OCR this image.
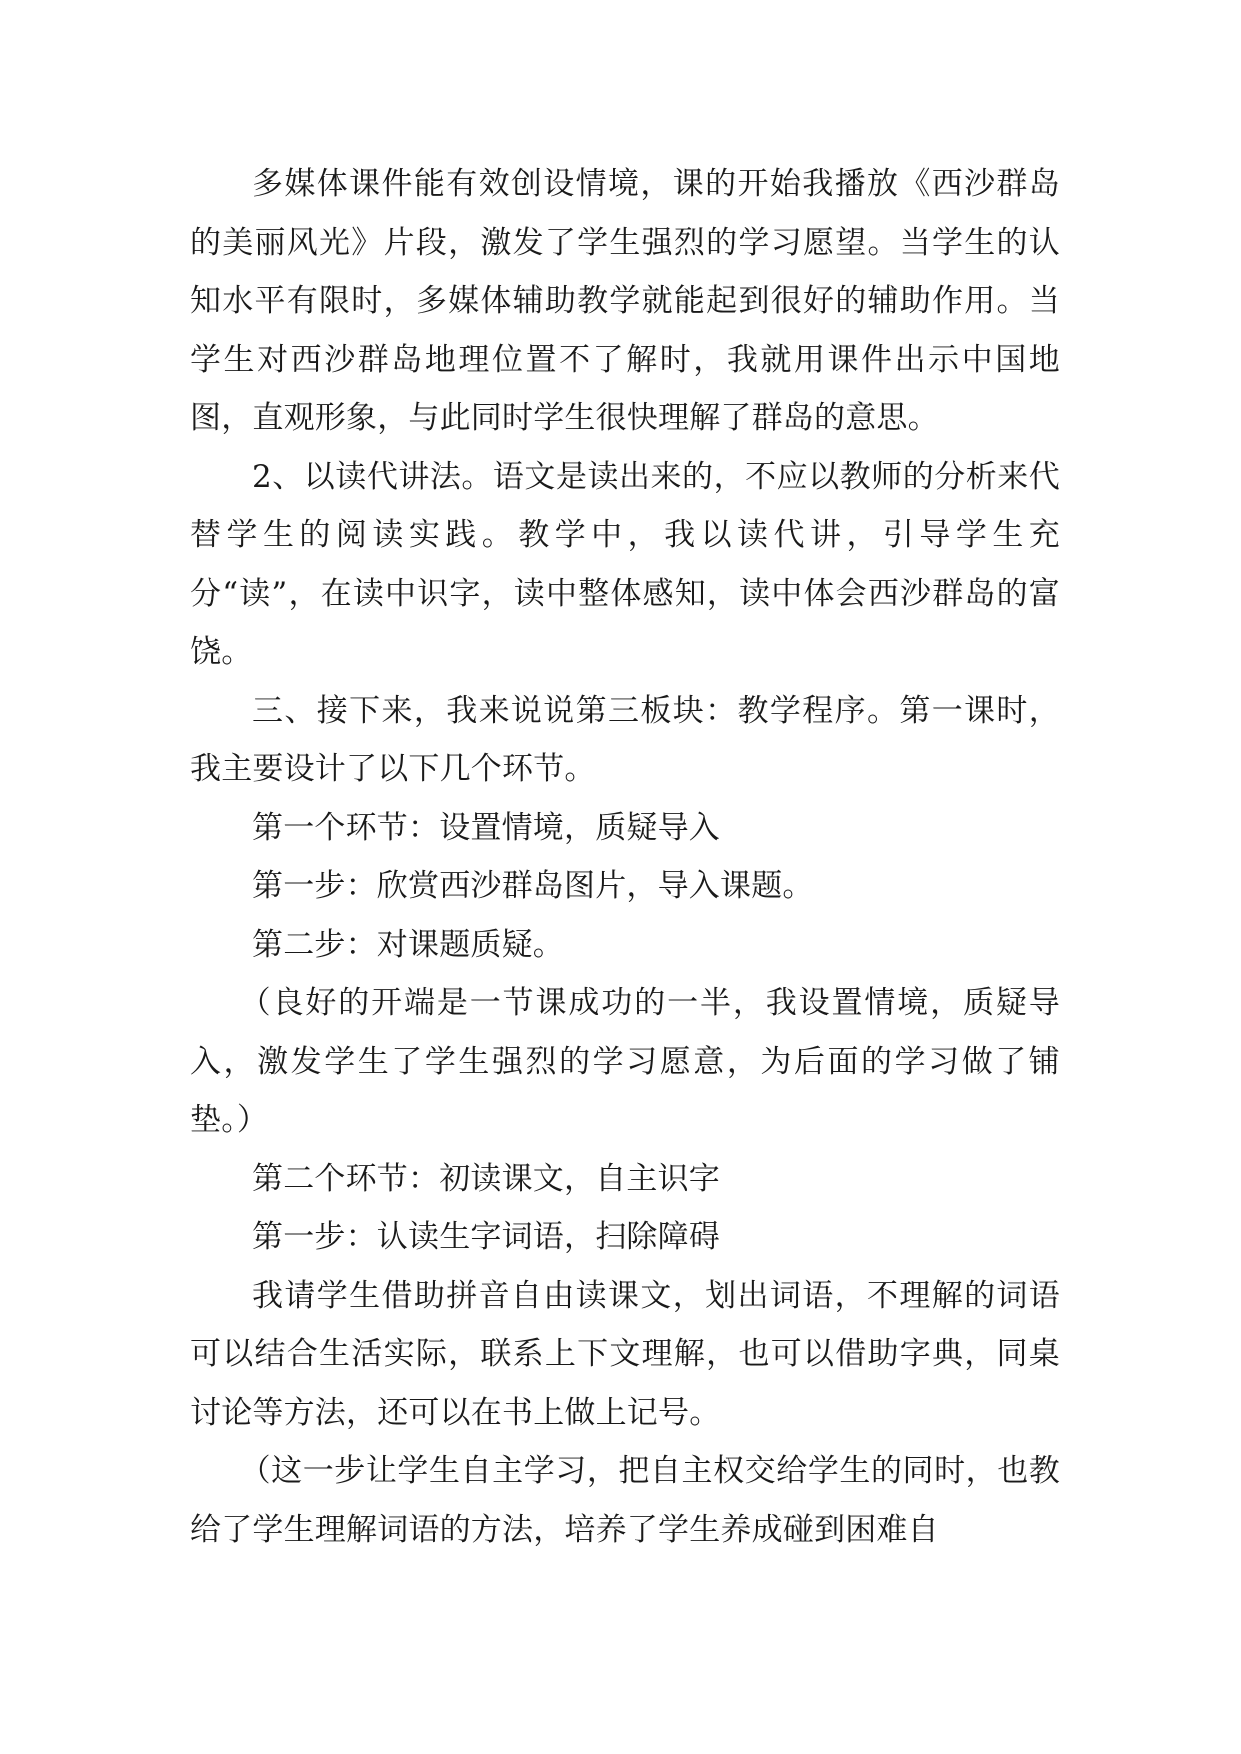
多媒体课件能有效创设情境，课的开始我播放《西沙群岛的美丽风光》片段，激发了学生强烈的学习愿望。当学生的认知水平有限时，多媒体辅助教学就能起到很好的辅助作用。当学生对西沙群岛地理位置不了解时，我就用课件出示中国地图，直观形象，与此同时学生很快理解了群岛的意思。

2、以读代讲法。语文是读出来的，不应以教师的分析来代替学生的阅读实践。教学中，我以读代讲，引导学生充分“读”，在读中识字，读中整体感知，读中体会西沙群岛的富饶。

三、接下来，我来说说第三板块：教学程序。第一课时，我主要设计了以下几个环节。

第一个环节：设置情境，质疑导入

第一步：欣赏西沙群岛图片，导入课题。

第二步：对课题质疑。

（良好的开端是一节课成功的一半，我设置情境，质疑导入，激发学生了学生强烈的学习愿意，为后面的学习做了铺垫。）

第二个环节：初读课文，自主识字

第一步：认读生字词语，扫除障碍

我请学生借助拼音自由读课文，划出词语，不理解的词语可以结合生活实际，联系上下文理解，也可以借助字典，同桌讨论等方法，还可以在书上做上记号。

（这一步让学生自主学习，把自主权交给学生的同时，也教给了学生理解词语的方法，培养了学生养成碰到困难自
